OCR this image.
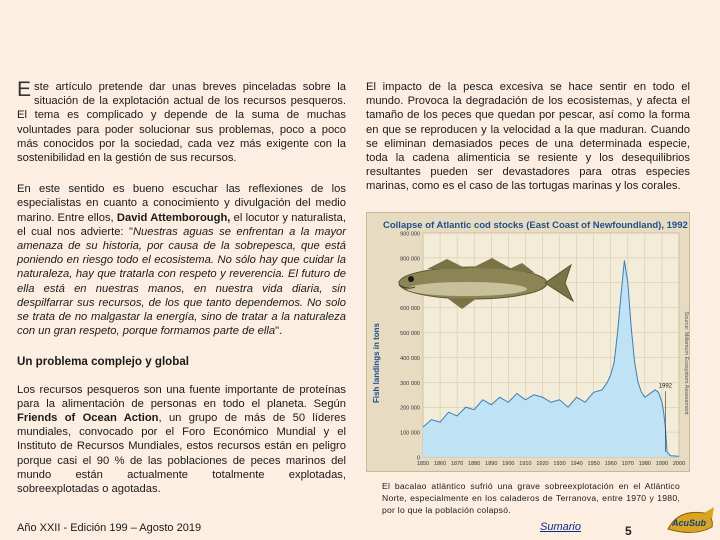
Este artículo pretende dar unas breves pinceladas sobre la situación de la explotación actual de los recursos pesqueros. El tema es complicado y depende de la suma de muchas voluntades para poder solucionar sus problemas, poco a poco más conocidos por la sociedad, cada vez más exigente con la sostenibilidad en la gestión de sus recursos.

En este sentido es bueno escuchar las reflexiones de los especialistas en cuanto a conocimiento y divulgación del medio marino. Entre ellos, David Attemborough, el locutor y naturalista, el cual nos advierte: "Nuestras aguas se enfrentan a la mayor amenaza de su historia, por causa de la sobrepesca, que está poniendo en riesgo todo el ecosistema. No sólo hay que cuidar la naturaleza, hay que tratarla con respeto y reverencia. El futuro de ella está en nuestras manos, en nuestra vida diaria, sin despilfarrar sus recursos, de los que tanto dependemos. No solo se trata de no malgastar la energía, sino de tratar a la naturaleza con un gran respeto, porque formamos parte de ella".

Un problema complejo y global

Los recursos pesqueros son una fuente importante de proteínas para la alimentación de personas en todo el planeta. Según Friends of Ocean Action, un grupo de más de 50 líderes mundiales, convocado por el Foro Económico Mundial y el Instituto de Recursos Mundiales, estos recursos están en peligro porque casi el 90 % de las poblaciones de peces marinos del mundo están actualmente totalmente explotadas, sobreexplotadas o agotadas.

El impacto de la pesca excesiva se hace sentir en todo el mundo. Provoca la degradación de los ecosistemas, y afecta el tamaño de los peces que quedan por pescar, así como la forma en que se reproducen y la velocidad a la que maduran. Cuando se eliminan demasiados peces de una determinada especie, toda la cadena alimenticia se resiente y los desequilibrios resultantes pueden ser devastadores para otras especies marinas, como es el caso de las tortugas marinas y los corales.

Collapse of Atlantic cod stocks (East Coast of Newfoundland), 1992
0
100 000
200 000
300 000
400 000
500 000
600 000
800 000
900 000
1850 1860 1870 1880 1890 1900 1910 1920 1930 1940 1950 1960 1970 1980 1990 2000
1992
Fish landings in tons	Source: Millenium Ecosystem Assessment

El bacalao atlántico sufrió una grave sobreexplotación en el Atlántico Norte, especialmente en los caladeros de Terranova, entre 1970 y 1980, por lo que la población colapsó.

Año XXII - Edición 199 – Agosto 2019	Sumario	5
AcuSub
